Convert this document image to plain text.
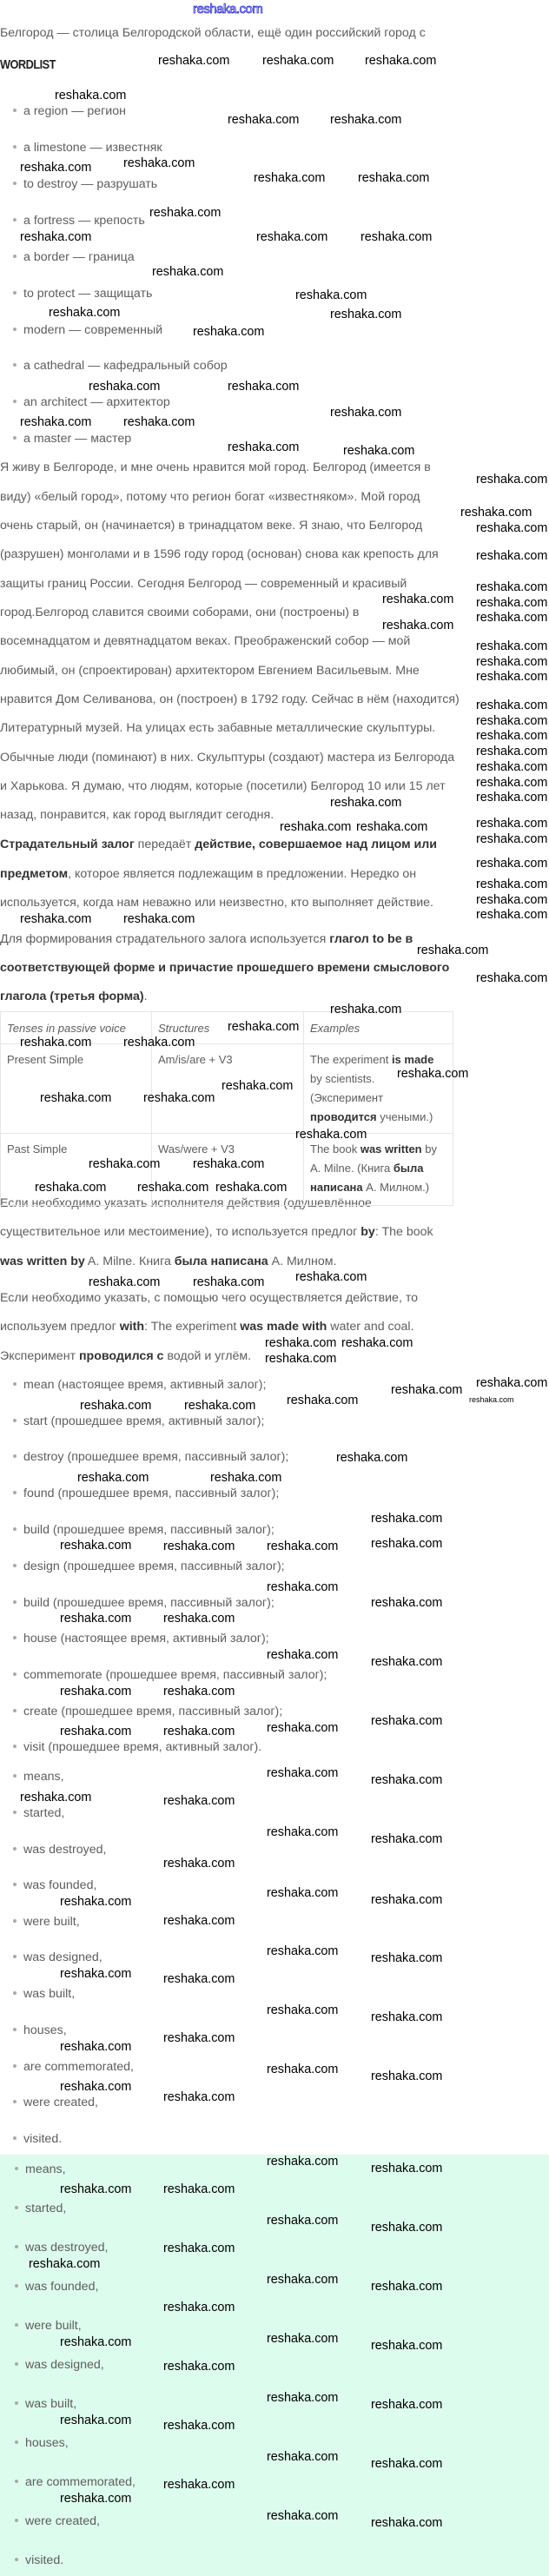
reshaka.com
Белгород — столица Белгородской области, ещё один российский город с
WORDLIST
a region — регион
a limestone — известняк
to destroy — разрушать
a fortress — крепость
a border — граница
to protect — защищать
modern — современный
a cathedral — кафедральный собор
an architect — архитектор
a master — мастер
Я живу в Белгороде, и мне очень нравится мой город. Белгород (имеется в
виду) «белый город», потому что регион богат «известняком». Мой город
очень старый, он (начинается) в тринадцатом веке. Я знаю, что Белгород
(разрушен) монголами и в 1596 году город (основан) снова как крепость для
защиты границ России. Сегодня Белгород — современный и красивый
город.Белгород славится своими соборами, они (построены) в
восемнадцатом и девятнадцатом веках. Преображенский собор — мой
любимый, он (спроектирован) архитектором Евгением Васильевым. Мне
нравится Дом Селиванова, он (построен) в 1792 году. Сейчас в нём (находится)
Литературный музей. На улицах есть забавные металлические скульптуры.
Обычные люди (поминают) в них. Скульптуры (создают) мастера из Белгорода
и Харькова. Я думаю, что людям, которые (посетили) Белгород 10 или 15 лет
назад, понравится, как город выглядит сегодня.
Страдательный залог передаёт действие, совершаемое над лицом или
предметом, которое является подлежащим в предложении. Нередко он
используется, когда нам неважно или неизвестно, кто выполняет действие.
Для формирования страдательного залога используется глагол to be в
соответствующей форме и причастие прошедшего времени смыслового
глагола (третья форма).
Если необходимо указать исполнителя действия (одушевлённое
существительное или местоимение), то используется предлог by: The book
was written by A. Milne. Книга была написана А. Милном.
Если необходимо указать, с помощью чего осуществляется действие, то
используем предлог with: The experiment was made with water and coal.
Эксперимент проводился с водой и углём.
mean (настоящее время, активный залог);
start (прошедшее время, активный залог);
destroy (прошедшее время, пассивный залог);
found (прошедшее время, пассивный залог);
build (прошедшее время, пассивный залог);
design (прошедшее время, пассивный залог);
build (прошедшее время, пассивный залог);
house (настоящее время, активный залог);
commemorate (прошедшее время, пассивный залог);
create (прошедшее время, пассивный залог);
visit (прошедшее время, активный залог).
means,
started,
was destroyed,
was founded,
were built,
was designed,
was built,
houses,
are commemorated,
were created,
visited.
means,
started,
was destroyed,
was founded,
were built,
was designed,
was built,
houses,
are commemorated,
were created,
visited.
Tenses in passive voice	Structures	Examples
Present Simple	Am/is/are + V3	The experiment is made by scientists. (Эксперимент проводится учеными.)
Past Simple	Was/were + V3	The book was written by A. Milne. (Книга была написана А. Милном.)
reshaka.com	reshaka.com reshaka.com
reshaka.com
reshaka.com reshaka.com
reshaka.com
reshaka.com
reshaka.com	reshaka.com
reshaka.com
reshaka.com	reshaka.com	reshaka.com
reshaka.com
reshaka.com
reshaka.com
reshaka.com
reshaka.com
reshaka.com	reshaka.com
reshaka.com
reshaka.com	reshaka.com
reshaka.com	reshaka.com
reshaka.com
reshaka.com
reshaka.com
reshaka.com
reshaka.com
reshaka.com
reshaka.com
reshaka.com
reshaka.com
reshaka.com
reshaka.com
reshaka.com
reshaka.com
reshaka.com
reshaka.com
reshaka.com
reshaka.com
reshaka.com
reshaka.com
reshaka.com
reshaka.com
reshaka.com
reshaka.com reshaka.com
reshaka.com
reshaka.com
reshaka.com
reshaka.com
reshaka.com	reshaka.com
reshaka.com
reshaka.com
reshaka.com
reshaka.com
reshaka.com	reshaka.com
reshaka.com
reshaka.com
reshaka.com	reshaka.com
reshaka.com	reshaka.com
reshaka.com
reshaka.com reshaka.com reshaka.com
reshaka.com
reshaka.com	reshaka.com
reshaka.com reshaka.com
reshaka.com
reshaka.com
reshaka.com
reshaka.com
reshaka.com	reshaka.com
reshaka.com
reshaka.com	reshaka.com
reshaka.com
reshaka.com	reshaka.com	reshaka.com	reshaka.com
reshaka.com
reshaka.com
reshaka.com	reshaka.com
reshaka.com	reshaka.com
reshaka.com	reshaka.com
reshaka.com	reshaka.com
reshaka.com
reshaka.com
reshaka.com	reshaka.com
reshaka.com
reshaka.com
reshaka.com	reshaka.com
reshaka.com
reshaka.com
reshaka.com	reshaka.com
reshaka.com
reshaka.com	reshaka.com
reshaka.com	reshaka.com
reshaka.com	reshaka.com
reshaka.com
reshaka.com
reshaka.com	reshaka.com
reshaka.com
reshaka.com
reshaka.com	reshaka.com
reshaka.com	reshaka.com
reshaka.com	reshaka.com
reshaka.com
reshaka.com
reshaka.com	reshaka.com
reshaka.com
reshaka.com	reshaka.com	reshaka.com
reshaka.com
reshaka.com	reshaka.com
reshaka.com	reshaka.com
reshaka.com	reshaka.com
reshaka.com
reshaka.com
reshaka.com	reshaka.com
reshaka.com
